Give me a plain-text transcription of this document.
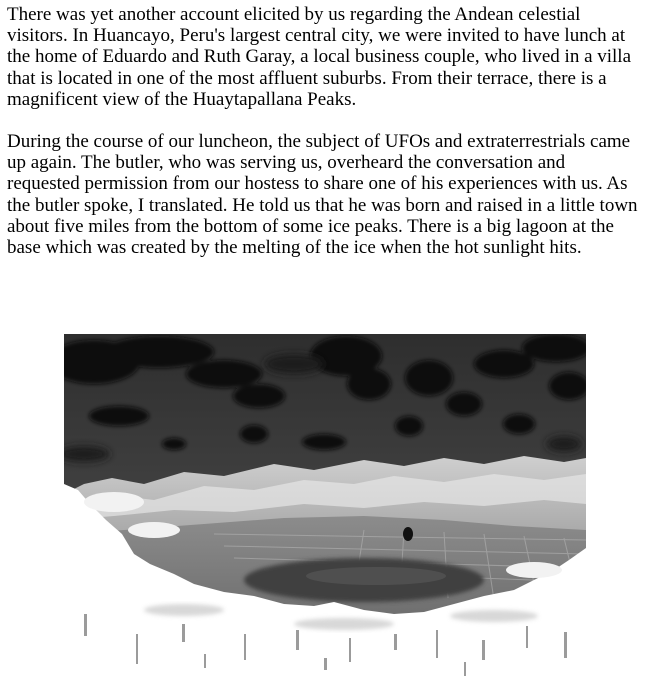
There was yet another account elicited by us regarding the Andean celestial visitors. In Huancayo, Peru's largest central city, we were invited to have lunch at the home of Eduardo and Ruth Garay, a local business couple, who lived in a villa that is located in one of the most affluent suburbs. From their terrace, there is a magnificent view of the Huaytapallana Peaks.

During the course of our luncheon, the subject of UFOs and extraterrestrials came up again. The butler, who was serving us, overheard the conversation and requested permission from our hostess to share one of his experiences with us. As the butler spoke, I translated. He told us that he was born and raised in a little town about five miles from the bottom of some ice peaks. There is a big lagoon at the base which was created by the melting of the ice when the hot sunlight hits.
